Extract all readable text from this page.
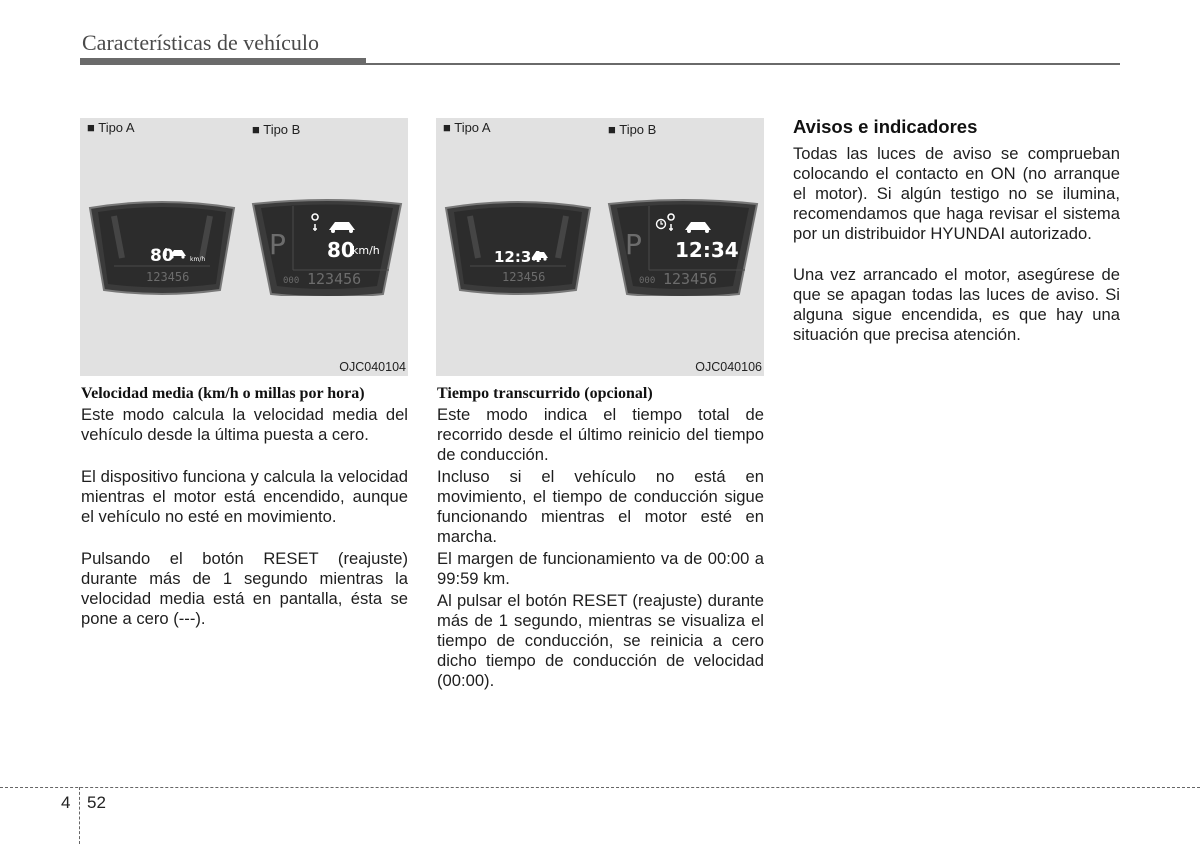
Características de vehículo
■ Tipo A
80	km/h
123456
■ Tipo B
P 80
km/h
000 123456
OJC040104
■ Tipo A
12:34
123456
■ Tipo B
P 12:34
000 123456
OJC040106
Velocidad media (km/h o millas por hora)

Este modo calcula la velocidad media del vehículo desde la última puesta a cero.

El dispositivo funciona y calcula la velocidad mientras el motor está encendido, aunque el vehículo no esté en movimiento.

Pulsando el botón RESET (reajuste) durante más de 1 segundo mientras la velocidad media está en pantalla, ésta se pone a cero (---).

Tiempo transcurrido (opcional)

Este modo indica el tiempo total de recorrido desde el último reinicio del tiempo de conducción.

Incluso si el vehículo no está en movimiento, el tiempo de conducción sigue funcionando mientras el motor esté en marcha.

El margen de funcionamiento va de 00:00 a 99:59 km.

Al pulsar el botón RESET (reajuste) durante más de 1 segundo, mientras se visualiza el tiempo de conducción, se reinicia a cero dicho tiempo de conducción de velocidad (00:00).

Avisos e indicadores

Todas las luces de aviso se comprueban colocando el contacto en ON (no arranque el motor). Si algún testigo no se ilumina, recomendamos que haga revisar el sistema por un distribuidor HYUNDAI autorizado.

Una vez arrancado el motor, asegúrese de que se apagan todas las luces de aviso. Si alguna sigue encendida, es que hay una situación que precisa atención.

4 52
